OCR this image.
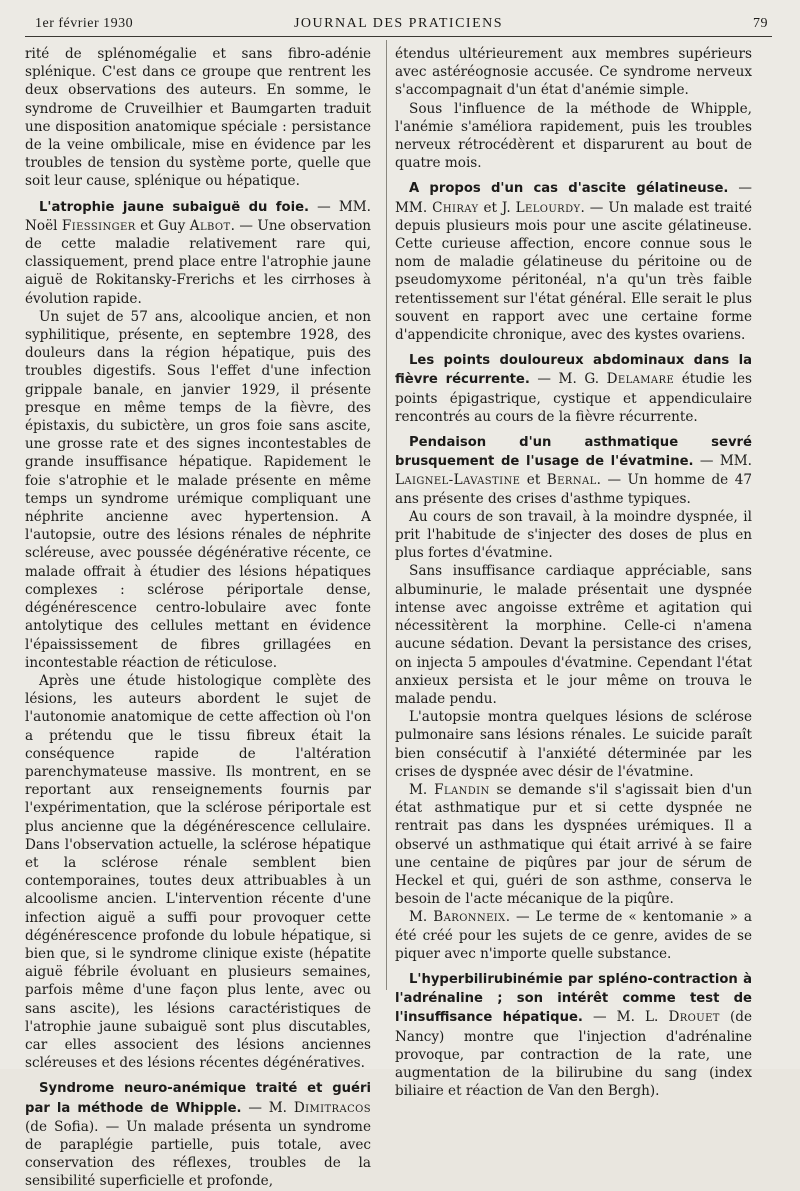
1er février 1930	JOURNAL DES PRATICIENS	79

rité de splénomégalie et sans fibro-adénie splénique. C'est dans ce groupe que rentrent les deux observations des auteurs. En somme, le syndrome de Cruveilhier et Baumgarten traduit une disposition anatomique spéciale : persistance de la veine ombilicale, mise en évidence par les troubles de tension du système porte, quelle que soit leur cause, splénique ou hépatique.

L'atrophie jaune subaiguë du foie. — MM. Noël Fiessinger et Guy Albot. — Une observation de cette maladie relativement rare qui, classiquement, prend place entre l'atrophie jaune aiguë de Rokitansky-Frerichs et les cirrhoses à évolution rapide.

Un sujet de 57 ans, alcoolique ancien, et non syphilitique, présente, en septembre 1928, des douleurs dans la région hépatique, puis des troubles digestifs. Sous l'effet d'une infection grippale banale, en janvier 1929, il présente presque en même temps de la fièvre, des épistaxis, du subictère, un gros foie sans ascite, une grosse rate et des signes incontestables de grande insuffisance hépatique. Rapidement le foie s'atrophie et le malade présente en même temps un syndrome urémique compliquant une néphrite ancienne avec hypertension. A l'autopsie, outre des lésions rénales de néphrite scléreuse, avec poussée dégénérative récente, ce malade offrait à étudier des lésions hépatiques complexes : sclérose périportale dense, dégénérescence centro-lobulaire avec fonte antolytique des cellules mettant en évidence l'épaississement de fibres grillagées en incontestable réaction de réticulose.

Après une étude histologique complète des lésions, les auteurs abordent le sujet de l'autonomie anatomique de cette affection où l'on a prétendu que le tissu fibreux était la conséquence rapide de l'altération parenchymateuse massive. Ils montrent, en se reportant aux renseignements fournis par l'expérimentation, que la sclérose périportale est plus ancienne que la dégénérescence cellulaire. Dans l'observation actuelle, la sclérose hépatique et la sclérose rénale semblent bien contemporaines, toutes deux attribuables à un alcoolisme ancien. L'intervention récente d'une infection aiguë a suffi pour provoquer cette dégénérescence profonde du lobule hépatique, si bien que, si le syndrome clinique existe (hépatite aiguë fébrile évoluant en plusieurs semaines, parfois même d'une façon plus lente, avec ou sans ascite), les lésions caractéristiques de l'atrophie jaune subaiguë sont plus discutables, car elles associent des lésions anciennes scléreuses et des lésions récentes dégénératives.

Syndrome neuro-anémique traité et guéri par la méthode de Whipple. — M. Dimitracos (de Sofia). — Un malade présenta un syndrome de paraplégie partielle, puis totale, avec conservation des réflexes, troubles de la sensibilité superficielle et profonde,

étendus ultérieurement aux membres supérieurs avec astéréognosie accusée. Ce syndrome nerveux s'accompagnait d'un état d'anémie simple.

Sous l'influence de la méthode de Whipple, l'anémie s'améliora rapidement, puis les troubles nerveux rétrocédèrent et disparurent au bout de quatre mois.

A propos d'un cas d'ascite gélatineuse. — MM. Chiray et J. Lelourdy. — Un malade est traité depuis plusieurs mois pour une ascite gélatineuse. Cette curieuse affection, encore connue sous le nom de maladie gélatineuse du péritoine ou de pseudomyxome péritonéal, n'a qu'un très faible retentissement sur l'état général. Elle serait le plus souvent en rapport avec une certaine forme d'appendicite chronique, avec des kystes ovariens.

Les points douloureux abdominaux dans la fièvre récurrente. — M. G. Delamare étudie les points épigastrique, cystique et appendiculaire rencontrés au cours de la fièvre récurrente.

Pendaison d'un asthmatique sevré brusquement de l'usage de l'évatmine. — MM. Laignel-Lavastine et Bernal. — Un homme de 47 ans présente des crises d'asthme typiques.

Au cours de son travail, à la moindre dyspnée, il prit l'habitude de s'injecter des doses de plus en plus fortes d'évatmine.

Sans insuffisance cardiaque appréciable, sans albuminurie, le malade présentait une dyspnée intense avec angoisse extrême et agitation qui nécessitèrent la morphine. Celle-ci n'amena aucune sédation. Devant la persistance des crises, on injecta 5 ampoules d'évatmine. Cependant l'état anxieux persista et le jour même on trouva le malade pendu.

L'autopsie montra quelques lésions de sclérose pulmonaire sans lésions rénales. Le suicide paraît bien consécutif à l'anxiété déterminée par les crises de dyspnée avec désir de l'évatmine.

M. Flandin se demande s'il s'agissait bien d'un état asthmatique pur et si cette dyspnée ne rentrait pas dans les dyspnées urémiques. Il a observé un asthmatique qui était arrivé à se faire une centaine de piqûres par jour de sérum de Heckel et qui, guéri de son asthme, conserva le besoin de l'acte mécanique de la piqûre.

M. Baronneix. — Le terme de « kentomanie » a été créé pour les sujets de ce genre, avides de se piquer avec n'importe quelle substance.

L'hyperbilirubinémie par spléno-contraction à l'adrénaline ; son intérêt comme test de l'insuffisance hépatique. — M. L. Drouet (de Nancy) montre que l'injection d'adrénaline provoque, par contraction de la rate, une augmentation de la bilirubine du sang (index biliaire et réaction de Van den Bergh).
